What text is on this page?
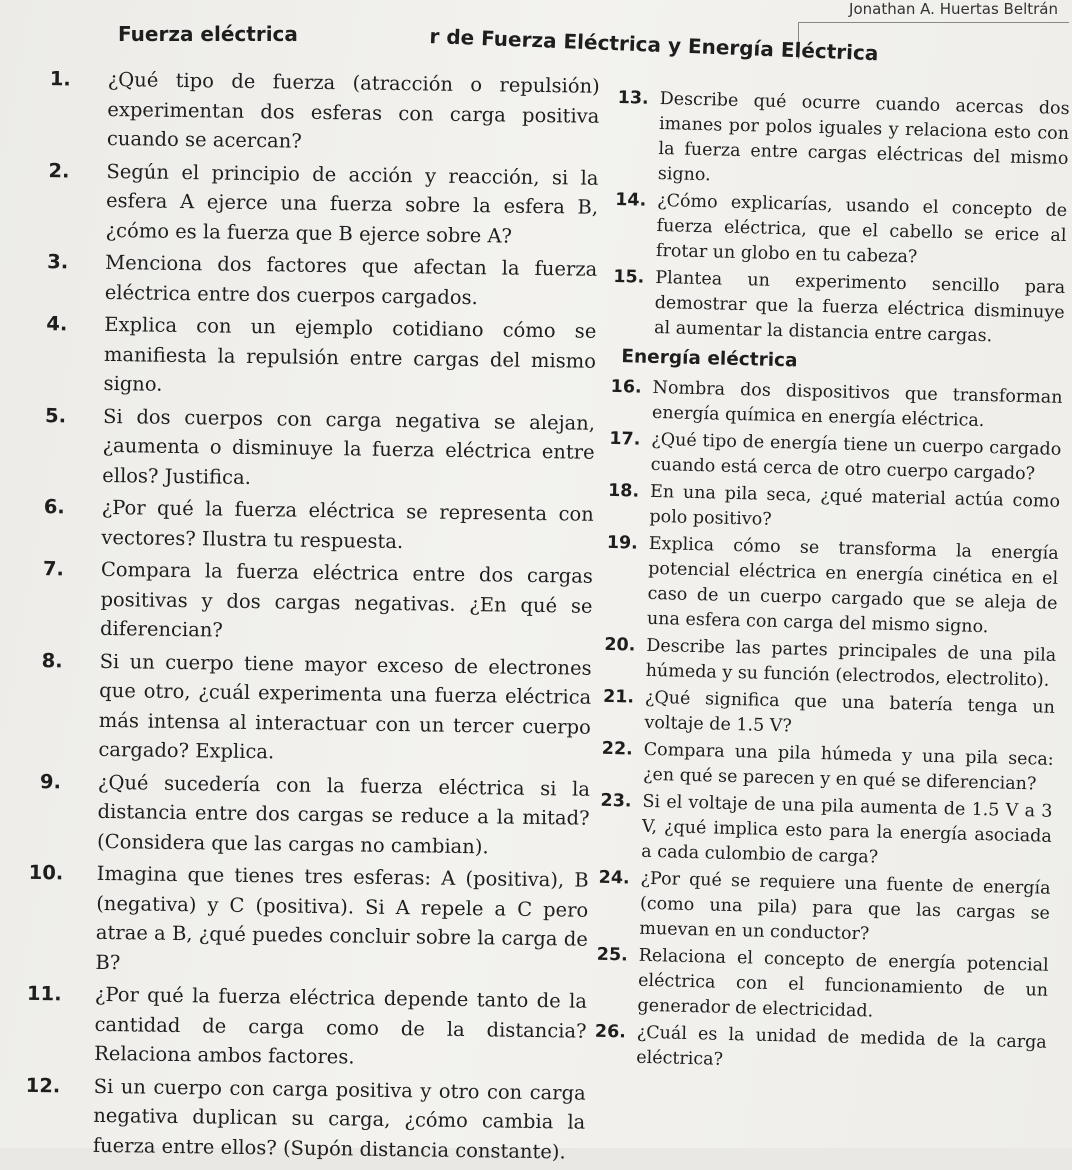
Jonathan A. Huertas Beltrán
Fuerza eléctrica	r de Fuerza Eléctrica y Energía Eléctrica
1.	¿Qué tipo de fuerza (atracción o repulsión) experimentan dos esferas con carga positiva cuando se acercan?
2.	Según el principio de acción y reacción, si la esfera A ejerce una fuerza sobre la esfera B, ¿cómo es la fuerza que B ejerce sobre A?
3.	Menciona dos factores que afectan la fuerza eléctrica entre dos cuerpos cargados.
4.	Explica con un ejemplo cotidiano cómo se manifiesta la repulsión entre cargas del mismo signo.
5.	Si dos cuerpos con carga negativa se alejan, ¿aumenta o disminuye la fuerza eléctrica entre ellos? Justifica.
6.	¿Por qué la fuerza eléctrica se representa con vectores? Ilustra tu respuesta.
7.	Compara la fuerza eléctrica entre dos cargas positivas y dos cargas negativas. ¿En qué se diferencian?
8.	Si un cuerpo tiene mayor exceso de electrones que otro, ¿cuál experimenta una fuerza eléctrica más intensa al interactuar con un tercer cuerpo cargado? Explica.
9.	¿Qué sucedería con la fuerza eléctrica si la distancia entre dos cargas se reduce a la mitad? (Considera que las cargas no cambian).
10.	Imagina que tienes tres esferas: A (positiva), B (negativa) y C (positiva). Si A repele a C pero atrae a B, ¿qué puedes concluir sobre la carga de B?
11.	¿Por qué la fuerza eléctrica depende tanto de la cantidad de carga como de la distancia? Relaciona ambos factores.
12.	Si un cuerpo con carga positiva y otro con carga negativa duplican su carga, ¿cómo cambia la fuerza entre ellos? (Supón distancia constante).
13. Describe qué ocurre cuando acercas dos imanes por polos iguales y relaciona esto con la fuerza entre cargas eléctricas del mismo signo.
14. ¿Cómo explicarías, usando el concepto de fuerza eléctrica, que el cabello se erice al frotar un globo en tu cabeza?
15. Plantea un experimento sencillo para demostrar que la fuerza eléctrica disminuye al aumentar la distancia entre cargas.
Energía eléctrica
16. Nombra dos dispositivos que transforman energía química en energía eléctrica.
17. ¿Qué tipo de energía tiene un cuerpo cargado cuando está cerca de otro cuerpo cargado?
18. En una pila seca, ¿qué material actúa como polo positivo?
19. Explica cómo se transforma la energía potencial eléctrica en energía cinética en el caso de un cuerpo cargado que se aleja de una esfera con carga del mismo signo.
20. Describe las partes principales de una pila húmeda y su función (electrodos, electrolito).
21. ¿Qué significa que una batería tenga un voltaje de 1.5 V?
22. Compara una pila húmeda y una pila seca: ¿en qué se parecen y en qué se diferencian?
23. Si el voltaje de una pila aumenta de 1.5 V a 3 V, ¿qué implica esto para la energía asociada a cada culombio de carga?
24. ¿Por qué se requiere una fuente de energía (como una pila) para que las cargas se muevan en un conductor?
25. Relaciona el concepto de energía potencial eléctrica con el funcionamiento de un generador de electricidad.
26. ¿Cuál es la unidad de medida de la carga eléctrica?
